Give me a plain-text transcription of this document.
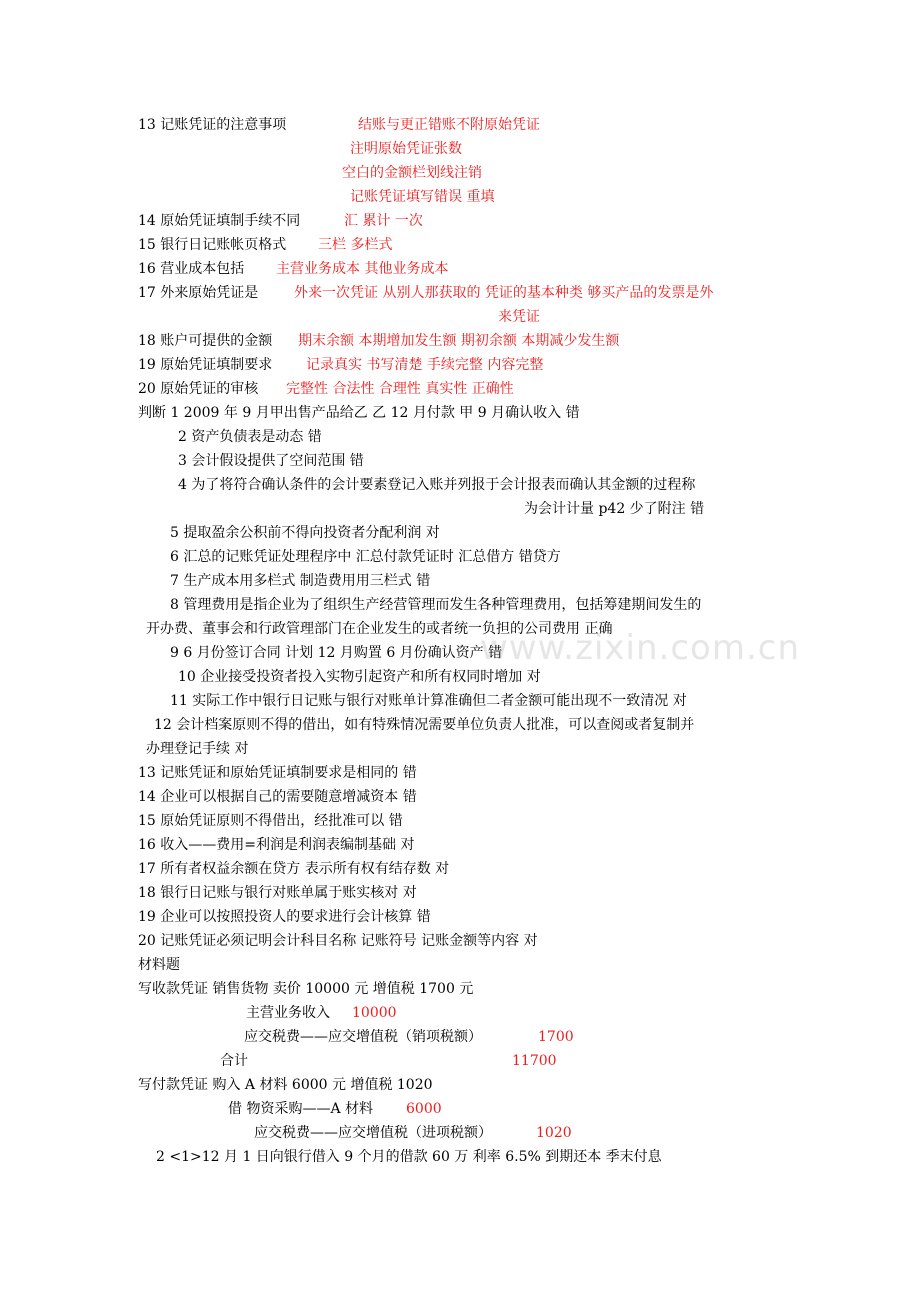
www.zixin.com.cn
13 记账凭证的注意事项	结账与更正错账不附原始凭证
注明原始凭证张数
空白的金额栏划线注销
记账凭证填写错误 重填
14 原始凭证填制手续不同	汇 累计 一次
15 银行日记账帐页格式 三栏 多栏式
16 营业成本包括 主营业务成本 其他业务成本
17 外来原始凭证是	外来一次凭证 从别人那获取的 凭证的基本种类 够买产品的发票是外
来凭证
18 账户可提供的金额 期末余额 本期增加发生额 期初余额 本期减少发生额
19 原始凭证填制要求 记录真实 书写清楚 手续完整 内容完整
20 原始凭证的审核 完整性 合法性 合理性 真实性 正确性
判断 1 2009 年 9 月甲出售产品给乙 乙 12 月付款 甲 9 月确认收入 错
2 资产负债表是动态 错
3 会计假设提供了空间范围 错
4 为了将符合确认条件的会计要素登记入账并列报于会计报表而确认其金额的过程称
为会计计量 p42 少了附注 错
5 提取盈余公积前不得向投资者分配利润 对
6 汇总的记账凭证处理程序中 汇总付款凭证时 汇总借方 错贷方
7 生产成本用多栏式 制造费用用三栏式 错
8 管理费用是指企业为了组织生产经营管理而发生各种管理费用，包括筹建期间发生的
开办费、董事会和行政管理部门在企业发生的或者统一负担的公司费用 正确
9 6 月份签订合同 计划 12 月购置 6 月份确认资产 错
10 企业接受投资者投入实物引起资产和所有权同时增加 对
11 实际工作中银行日记账与银行对账单计算准确但二者金额可能出现不一致清况 对
12 会计档案原则不得的借出，如有特殊情况需要单位负责人批准，可以查阅或者复制并
办理登记手续 对
13 记账凭证和原始凭证填制要求是相同的 错
14 企业可以根据自己的需要随意增减资本 错
15 原始凭证原则不得借出，经批准可以 错
16 收入——费用=利润是利润表编制基础 对
17 所有者权益余额在贷方 表示所有权有结存数 对
18 银行日记账与银行对账单属于账实核对 对
19 企业可以按照投资人的要求进行会计核算 错
20 记账凭证必须记明会计科目名称 记账符号 记账金额等内容 对
材料题
写收款凭证 销售货物 卖价 10000 元 增值税 1700 元
主营业务收入 10000
应交税费——应交增值税（销项税额）	1700
合计	11700
写付款凭证 购入 A 材料 6000 元 增值税 1020
借 物资采购——A 材料 6000
应交税费——应交增值税（进项税额）	1020
2 <1>12 月 1 日向银行借入 9 个月的借款 60 万 利率 6.5% 到期还本 季末付息
